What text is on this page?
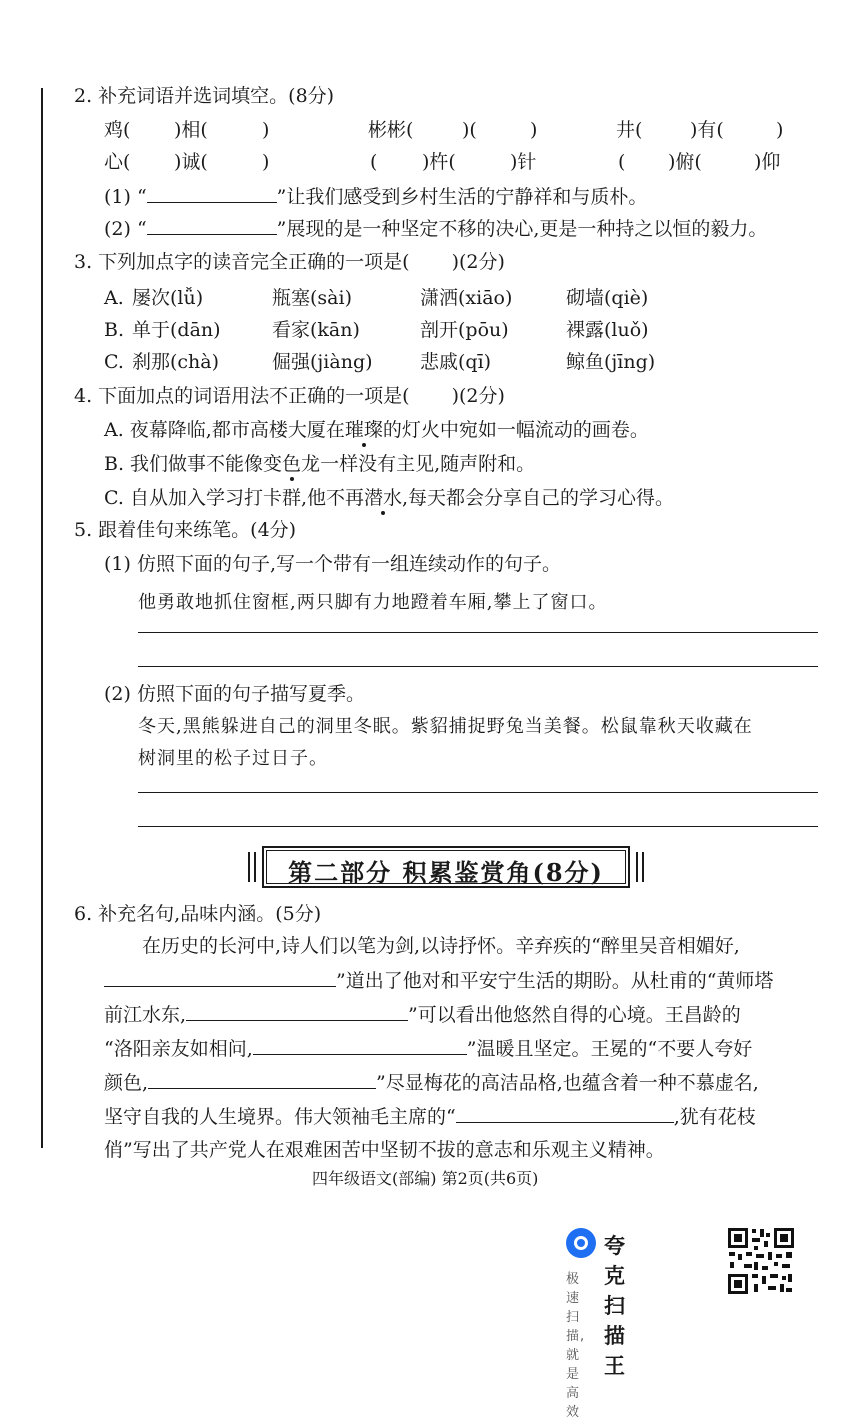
2. 补充词语并选词填空。(8分)
鸡( )相(	)	彬彬(	)(	)	井(	)有(	)
心( )诚(	)	( )杵(	)针	( )俯(	)仰
(1) “	”让我们感受到乡村生活的宁静祥和与质朴。
(2) “	”展现的是一种坚定不移的决心,更是一种持之以恒的毅力。
3. 下列加点字的读音完全正确的一项是( )(2分)
A. 屡次(lǚ)	瓶塞(sài)	潇洒(xiāo)	砌墙(qiè)
B. 单于(dān)	看家(kān)	剖开(pōu)	裸露(luǒ)
C. 刹那(chà)	倔强(jiàng) 悲戚(qī)	鲸鱼(jīng)
4. 下面加点的词语用法不正确的一项是( )(2分)
A. 夜幕降临,都市高楼大厦在璀璨的灯火中宛如一幅流动的画卷。
B. 我们做事不能像变色龙一样没有主见,随声附和。
C. 自从加入学习打卡群,他不再潜水,每天都会分享自己的学习心得。
5. 跟着佳句来练笔。(4分)
(1) 仿照下面的句子,写一个带有一组连续动作的句子。
他勇敢地抓住窗框,两只脚有力地蹬着车厢,攀上了窗口。
(2) 仿照下面的句子描写夏季。
冬天,黑熊躲进自己的洞里冬眠。紫貂捕捉野兔当美餐。松鼠靠秋天收藏在
树洞里的松子过日子。
第二部分 积累鉴赏角(8分)
6. 补充名句,品味内涵。(5分)
在历史的长河中,诗人们以笔为剑,以诗抒怀。辛弃疾的“醉里吴音相媚好,
”道出了他对和平安宁生活的期盼。从杜甫的“黄师塔
前江水东,	”可以看出他悠然自得的心境。王昌龄的
“洛阳亲友如相问,	”温暖且坚定。王冕的“不要人夸好
颜色,	”尽显梅花的高洁品格,也蕴含着一种不慕虚名,
坚守自我的人生境界。伟大领袖毛主席的“	,犹有花枝
俏”写出了共产党人在艰难困苦中坚韧不拔的意志和乐观主义精神。
四年级语文(部编) 第2页(共6页)
夸克扫描王
极速扫描,就是高效
